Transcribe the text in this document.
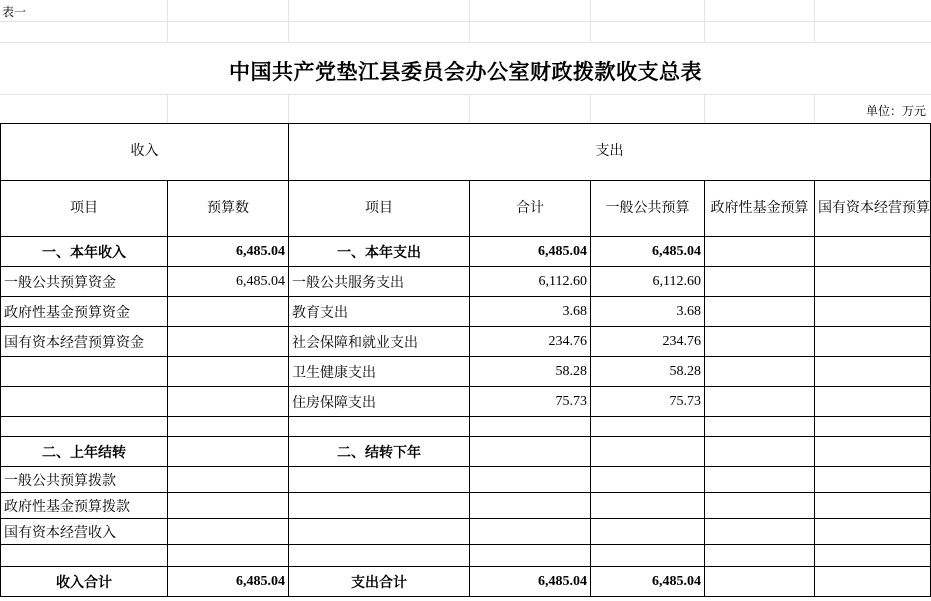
表一
中国共产党垫江县委员会办公室财政拨款收支总表
单位：万元
收入		支出				
项目	预算数	项目	合计	一般公共预算	政府性基金预算	国有资本经营预算
一、本年收入	6,485.04	一、本年支出	6,485.04	6,485.04		
一般公共预算资金	6,485.04	一般公共服务支出	6,112.60	6,112.60		
政府性基金预算资金		教育支出	3.68	3.68		
国有资本经营预算资金		社会保障和就业支出	234.76	234.76		
		卫生健康支出	58.28	58.28		
		住房保障支出	75.73	75.73		

二、上年结转		二、结转下年				
一般公共预算拨款						
政府性基金预算拨款						
国有资本经营收入						

收入合计	6,485.04	支出合计	6,485.04	6,485.04		
